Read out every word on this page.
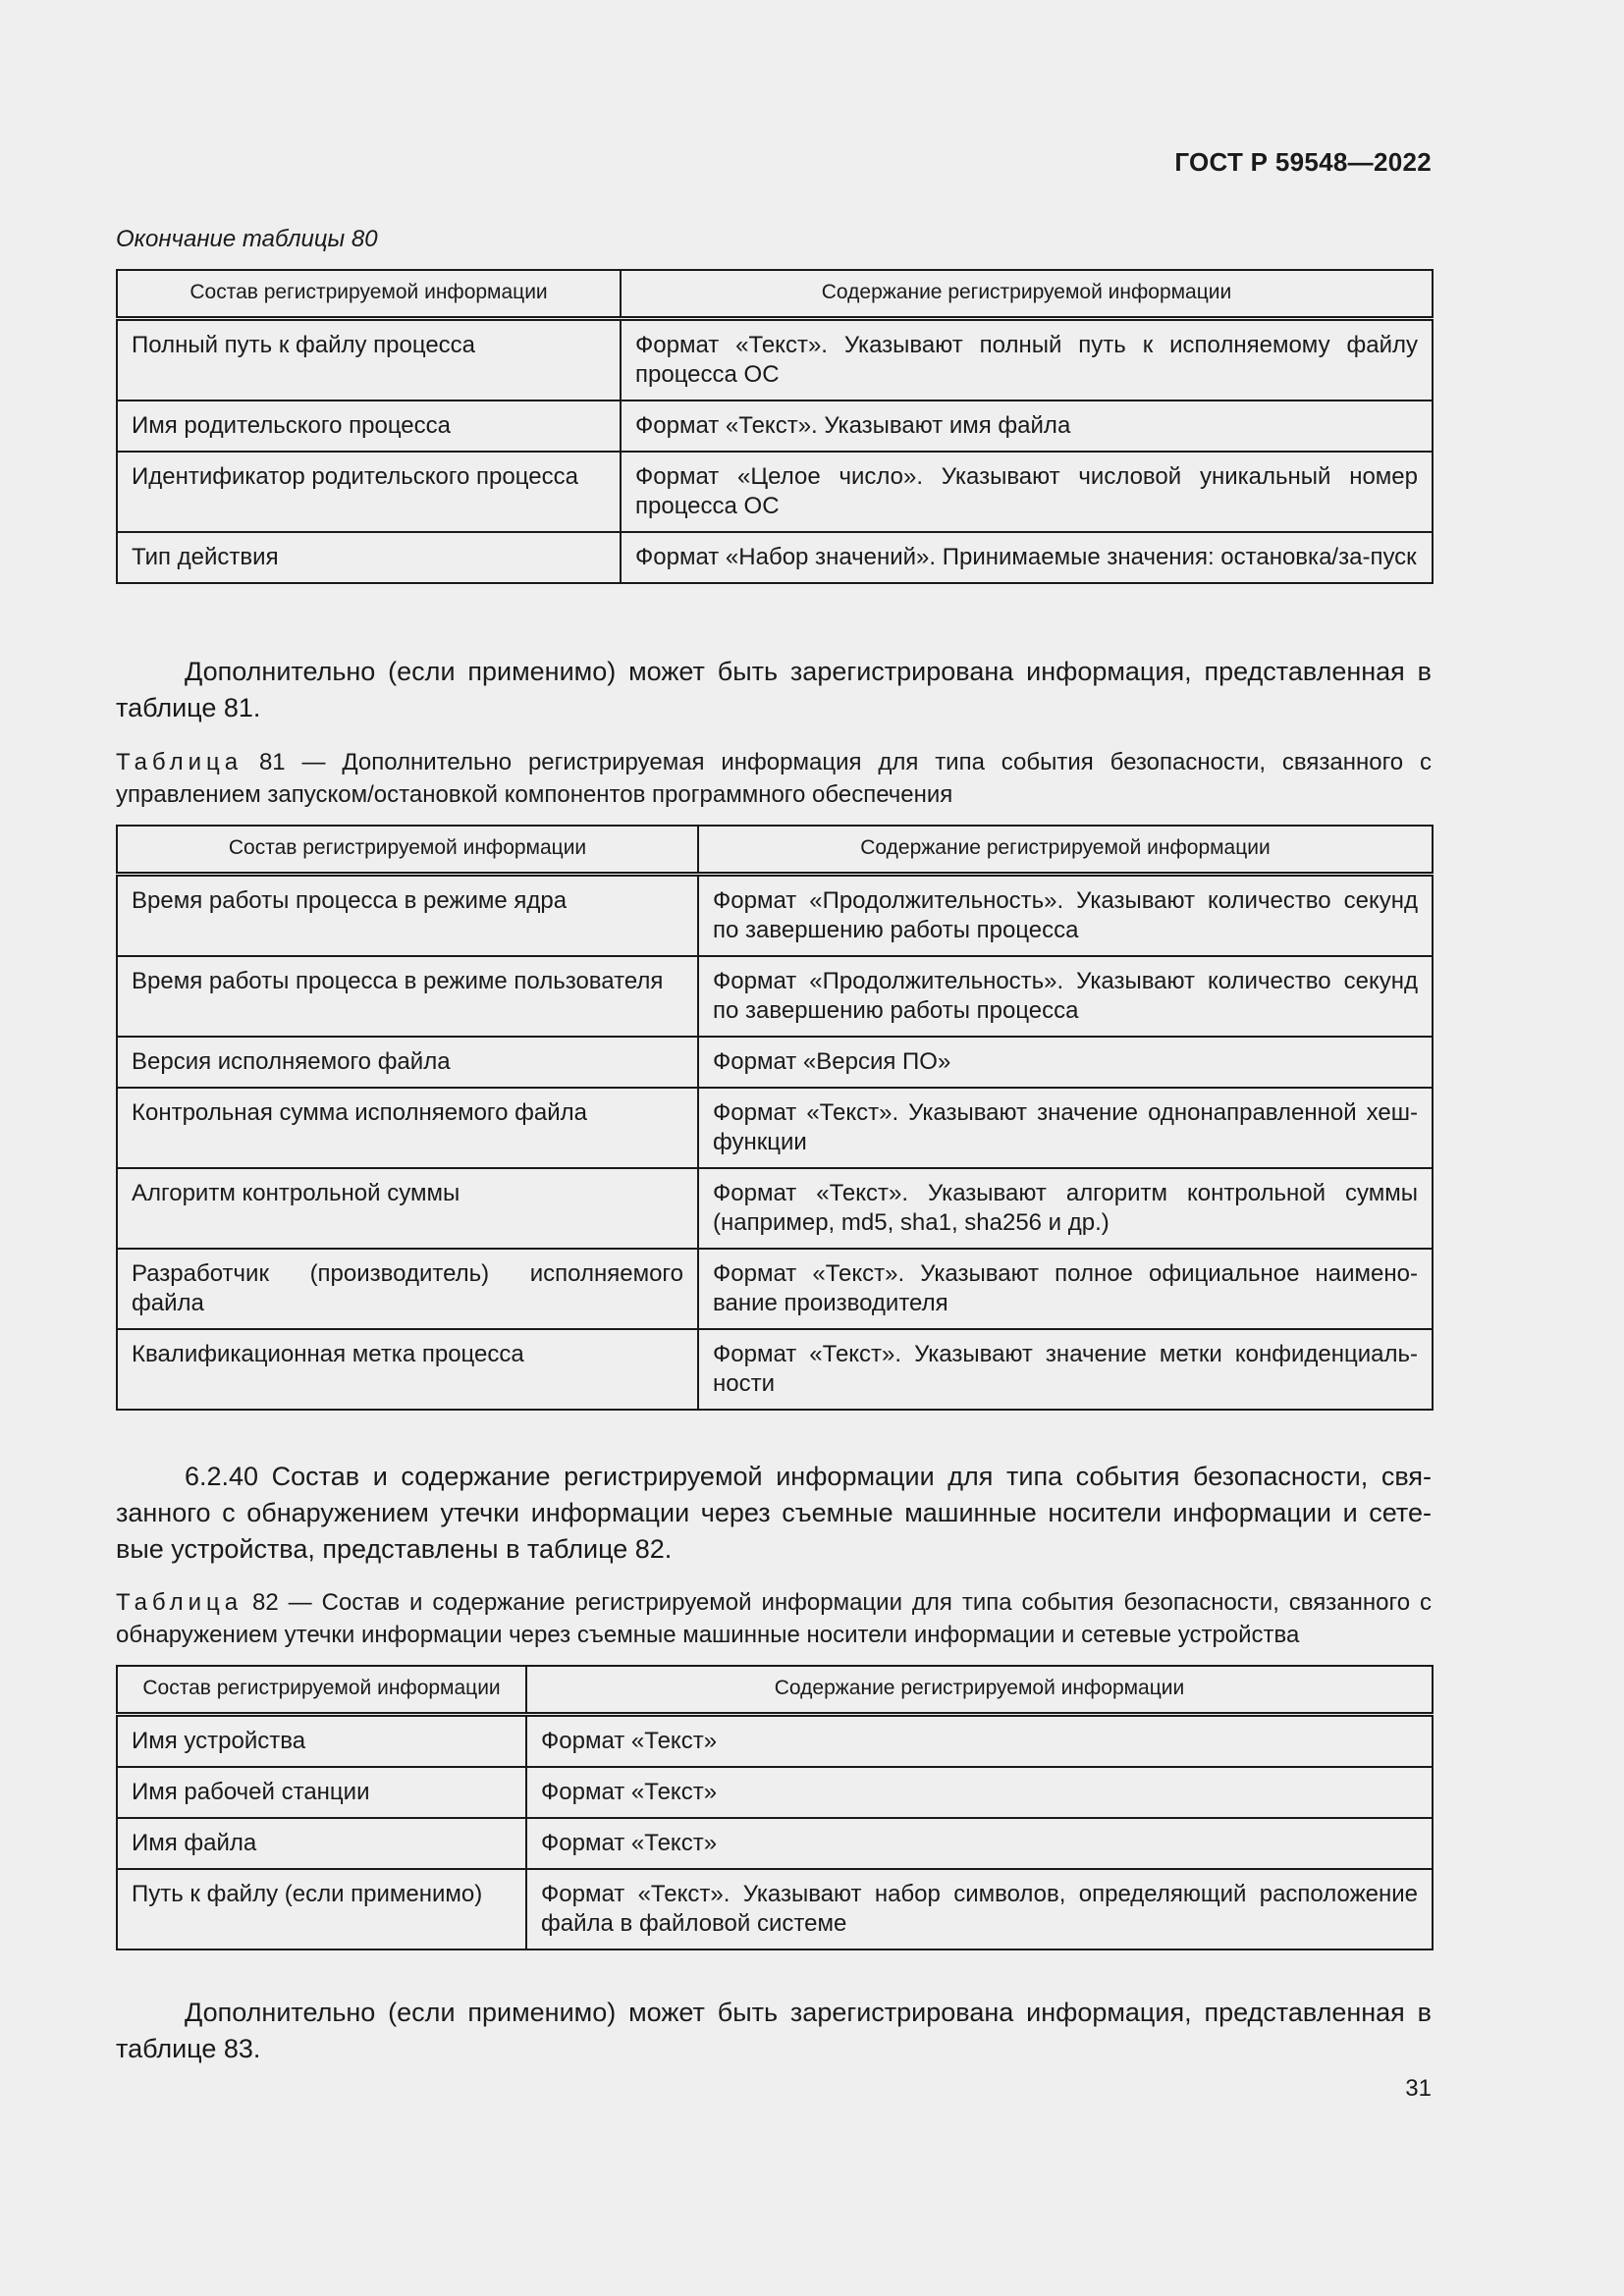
ГОСТ Р 59548—2022
Окончание таблицы 80
Состав регистрируемой информации	Содержание регистрируемой информации
Полный путь к файлу процесса	Формат «Текст». Указывают полный путь к исполняемому файлу процесса ОС
Имя родительского процесса	Формат «Текст». Указывают имя файла
Идентификатор родительского процесса	Формат «Целое число». Указывают числовой уникальный номер процесса ОС
Тип действия	Формат «Набор значений». Принимаемые значения: остановка/за-пуск
Дополнительно (если применимо) может быть зарегистрирована информация, представленная в таблице 81.
Таблица 81 — Дополнительно регистрируемая информация для типа события безопасности, связанного с управлением запуском/остановкой компонентов программного обеспечения
Состав регистрируемой информации	Содержание регистрируемой информации
Время работы процесса в режиме ядра	Формат «Продолжительность». Указывают количество секунд по завершению работы процесса
Время работы процесса в режиме пользователя	Формат «Продолжительность». Указывают количество секунд по завершению работы процесса
Версия исполняемого файла	Формат «Версия ПО»
Контрольная сумма исполняемого файла	Формат «Текст». Указывают значение однонаправленной хеш-функции
Алгоритм контрольной суммы	Формат «Текст». Указывают алгоритм контрольной суммы (например, md5, sha1, sha256 и др.)
Разработчик (производитель) исполняемого файла	Формат «Текст». Указывают полное официальное наимено-вание производителя
Квалификационная метка процесса	Формат «Текст». Указывают значение метки конфиденциаль-ности
6.2.40 Состав и содержание регистрируемой информации для типа события безопасности, свя-занного с обнаружением утечки информации через съемные машинные носители информации и сете-вые устройства, представлены в таблице 82.
Таблица 82 — Состав и содержание регистрируемой информации для типа события безопасности, связанного с обнаружением утечки информации через съемные машинные носители информации и сетевые устройства
Состав регистрируемой информации	Содержание регистрируемой информации
Имя устройства	Формат «Текст»
Имя рабочей станции	Формат «Текст»
Имя файла	Формат «Текст»
Путь к файлу (если применимо)	Формат «Текст». Указывают набор символов, определяющий расположение файла в файловой системе
Дополнительно (если применимо) может быть зарегистрирована информация, представленная в таблице 83.
31
